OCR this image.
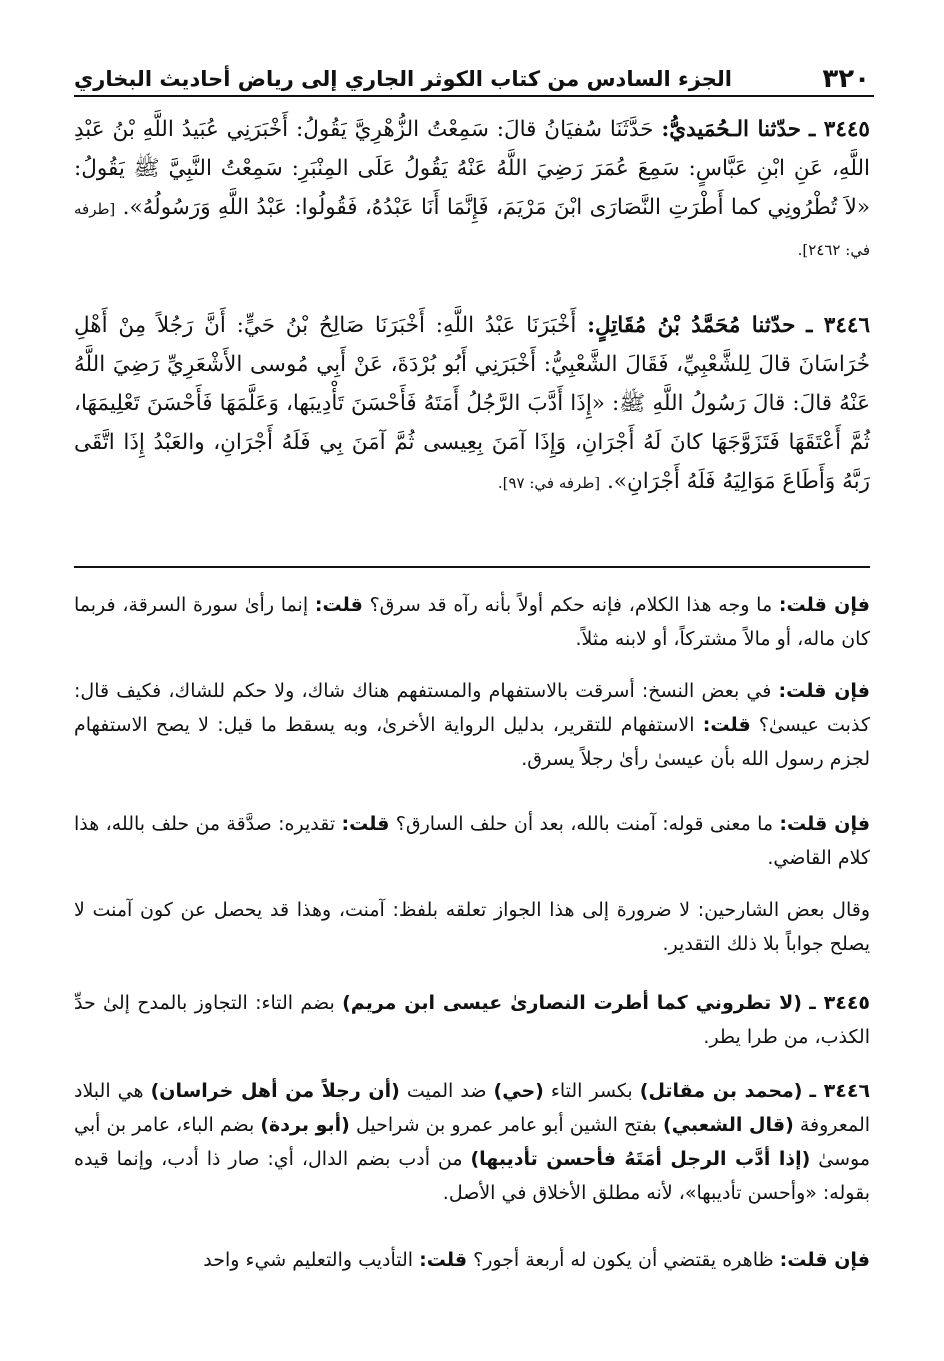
٣٢٠
الجزء السادس من كتاب الكوثر الجاري إلى رياض أحاديث البخاري
٣٤٤٥ ـ حدّثنا الـحُمَيديُّ: حَدَّثَنَا سُفيَانُ قالَ: سَمِعْتُ الزُّهْرِيَّ يَقُولُ: أَخْبَرَنِي عُبَيدُ اللَّهِ بْنُ عَبْدِ اللَّهِ، عَنِ ابْنِ عَبَّاسٍ: سَمِعَ عُمَرَ رَضِيَ اللَّهُ عَنْهُ يَقُولُ عَلَى المِنْبَرِ: سَمِعْتُ النَّبِيَّ ﷺ يَقُولُ: «لاَ تُطْرُونِي كما أَطْرَتِ النَّصَارَى ابْنَ مَرْيَمَ، فَإِنَّمَا أَنَا عَبْدُهُ، فَقُولُوا: عَبْدُ اللَّهِ وَرَسُولُهُ». [طرفه في: ٢٤٦٢].
٣٤٤٦ ـ حدّثنا مُحَمَّدُ بْنُ مُقَاتِلٍ: أَخْبَرَنَا عَبْدُ اللَّهِ: أَخْبَرَنَا صَالِحُ بْنُ حَيٍّ: أَنَّ رَجُلاً مِنْ أَهْلِ خُرَاسَانَ قالَ لِلشَّعْبِيِّ، فَقَالَ الشَّعْبِيُّ: أَخْبَرَنِي أَبُو بُرْدَةَ، عَنْ أَبِي مُوسى الأَشْعَرِيِّ رَضِيَ اللَّهُ عَنْهُ قالَ: قالَ رَسُولُ اللَّهِ ﷺ: «إِذَا أَدَّبَ الرَّجُلُ أَمَتَهُ فَأَحْسَنَ تَأْدِيبَها، وَعَلَّمَهَا فَأَحْسَنَ تَعْلِيمَهَا، ثُمَّ أَعْتَقَهَا فَتَزَوَّجَهَا كانَ لَهُ أَجْرَانِ، وَإِذَا آمَنَ بِعِيسى ثُمَّ آمَنَ بِي فَلَهُ أَجْرَانِ، والعَبْدُ إِذَا اتَّقَى رَبَّهُ وَأَطَاعَ مَوَالِيَهُ فَلَهُ أَجْرَانِ». [طرفه في: ٩٧].
فإن قلت: ما وجه هذا الكلام، فإنه حكم أولاً بأنه رآه قد سرق؟ قلت: إنما رأىٰ سورة السرقة، فربما كان ماله، أو مالاً مشتركاً، أو لابنه مثلاً.
فإن قلت: في بعض النسخ: أسرقت بالاستفهام والمستفهم هناك شاك، ولا حكم للشاك، فكيف قال: كذبت عيسىٰ؟ قلت: الاستفهام للتقرير، بدليل الرواية الأخرىٰ، وبه يسقط ما قيل: لا يصح الاستفهام لجزم رسول الله بأن عيسىٰ رأىٰ رجلاً يسرق.
فإن قلت: ما معنى قوله: آمنت بالله، بعد أن حلف السارق؟ قلت: تقديره: صدَّقة من حلف بالله، هذا كلام القاضي.
وقال بعض الشارحين: لا ضرورة إلى هذا الجواز تعلقه بلفظ: آمنت، وهذا قد يحصل عن كون آمنت لا يصلح جواباً بلا ذلك التقدير.
٣٤٤٥ ـ (لا تطروني كما أطرت النصارىٰ عيسى ابن مريم) بضم التاء: التجاوز بالمدح إلىٰ حدِّ الكذب، من طرا يطر.
٣٤٤٦ ـ (محمد بن مقاتل) بكسر التاء (حي) ضد الميت (أن رجلاً من أهل خراسان) هي البلاد المعروفة (قال الشعبي) بفتح الشين أبو عامر عمرو بن شراحيل (أبو بردة) بضم الباء، عامر بن أبي موسىٰ (إذا أدَّب الرجل أمَتَهُ فأحسن تأديبها) من أدب بضم الدال، أي: صار ذا أدب، وإنما قيده بقوله: «وأحسن تأديبها»، لأنه مطلق الأخلاق في الأصل.
فإن قلت: ظاهره يقتضي أن يكون له أربعة أجور؟ قلت: التأديب والتعليم شيء واحد
